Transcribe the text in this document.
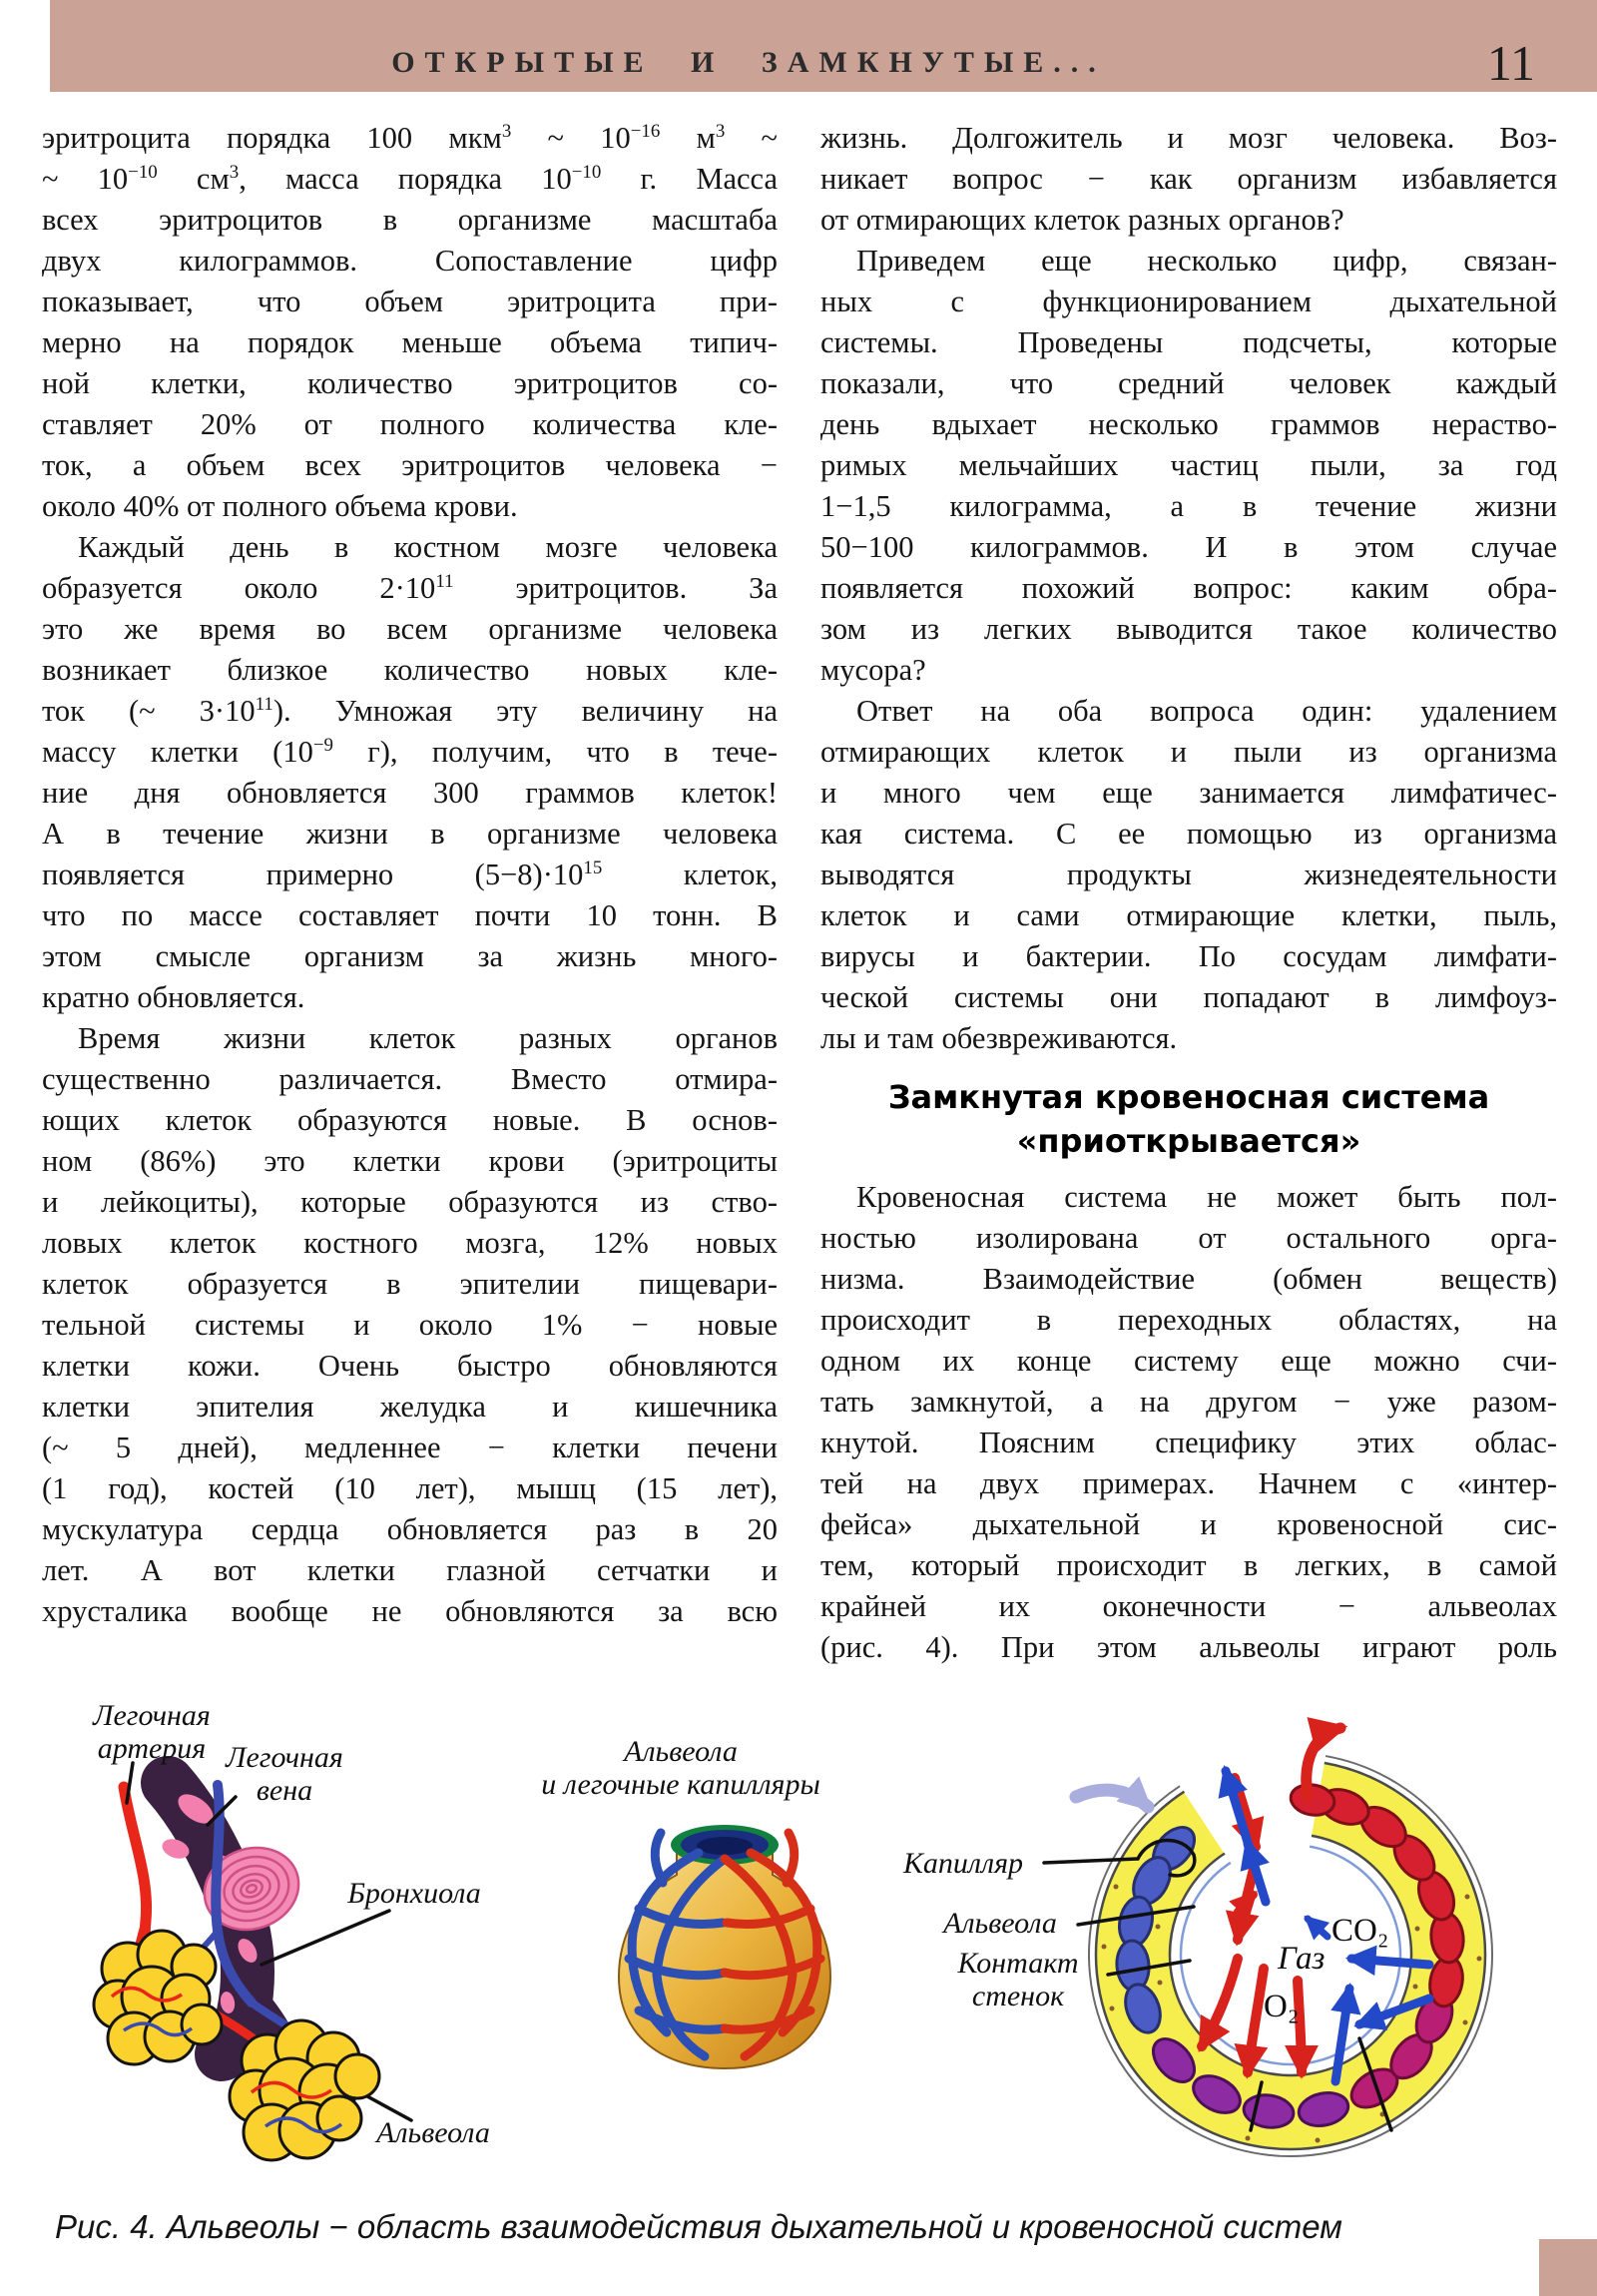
ОТКРЫТЫЕ И ЗАМКНУТЫЕ...	11
эритроцита порядка 100 мкм$^3$ ~ $10^{-16}$ $м^3$ ~
~ $10^{-10}$ $см^3$, масса порядка $10^{-10}$ г. Масса
всех эритроцитов в организме масштаба
двух килограммов. Сопоставление цифр
показывает, что объем эритроцита при-
мерно на порядок меньше объема типич-
ной клетки, количество эритроцитов со-
ставляет 20% от полного количества кле-
ток, а объем всех эритроцитов человека −
около 40% от полного объема крови.
Каждый день в костном мозге человека
образуется около $2\cdot 10^{11}$ эритроцитов. За
это же время во всем организме человека
возникает близкое количество новых кле-
ток (~ $3\cdot 10^{11}$). Умножая эту величину на
массу клетки ($10^{-9}$ г), получим, что в тече-
ние дня обновляется 300 граммов клеток!
А в течение жизни в организме человека
появляется примерно $(5-8)\cdot 10^{15}$ клеток,
что по массе составляет почти 10 тонн. В
этом смысле организм за жизнь много-
кратно обновляется.
Время жизни клеток разных органов
существенно различается. Вместо отмира-
ющих клеток образуются новые. В основ-
ном (86%) это клетки крови (эритроциты
и лейкоциты), которые образуются из ство-
ловых клеток костного мозга, 12% новых
клеток образуется в эпителии пищевари-
тельной системы и около 1% − новые
клетки кожи. Очень быстро обновляются
клетки эпителия желудка и кишечника
(~ 5 дней), медленнее − клетки печени
(1 год), костей (10 лет), мышц (15 лет),
мускулатура сердца обновляется раз в 20
лет. А вот клетки глазной сетчатки и
хрусталика вообще не обновляются за всю
жизнь. Долгожитель и мозг человека. Воз-
никает вопрос − как организм избавляется
от отмирающих клеток разных органов?
Приведем еще несколько цифр, связан-
ных с функционированием дыхательной
системы. Проведены подсчеты, которые
показали, что средний человек каждый
день вдыхает несколько граммов нераство-
римых мельчайших частиц пыли, за год
1−1,5 килограмма, а в течение жизни
50−100 килограммов. И в этом случае
появляется похожий вопрос: каким обра-
зом из легких выводится такое количество
мусора?
Ответ на оба вопроса один: удалением
отмирающих клеток и пыли из организма
и много чем еще занимается лимфатичес-
кая система. С ее помощью из организма
выводятся продукты жизнедеятельности
клеток и сами отмирающие клетки, пыль,
вирусы и бактерии. По сосудам лимфати-
ческой системы они попадают в лимфоуз-
лы и там обезвреживаются.
Замкнутая кровеносная система
«приоткрывается»
Кровеносная система не может быть пол-
ностью изолирована от остального орга-
низма. Взаимодействие (обмен веществ)
происходит в переходных областях, на
одном их конце систему еще можно счи-
тать замкнутой, а на другом − уже разом-
кнутой. Поясним специфику этих облас-
тей на двух примерах. Начнем с «интер-
фейса» дыхательной и кровеносной сис-
тем, который происходит в легких, в самой
крайней их оконечности − альвеолах
(рис. 4). При этом альвеолы играют роль
Легочная
артерия Легочная
вена
Бронхиола
Альвеола
Альвеола
и легочные капилляры
Капилляр
Альвеола
Контакт
стенок
CO₂
Газ
O₂
Рис. 4. Альвеолы − область взаимодействия дыхательной и кровеносной систем
